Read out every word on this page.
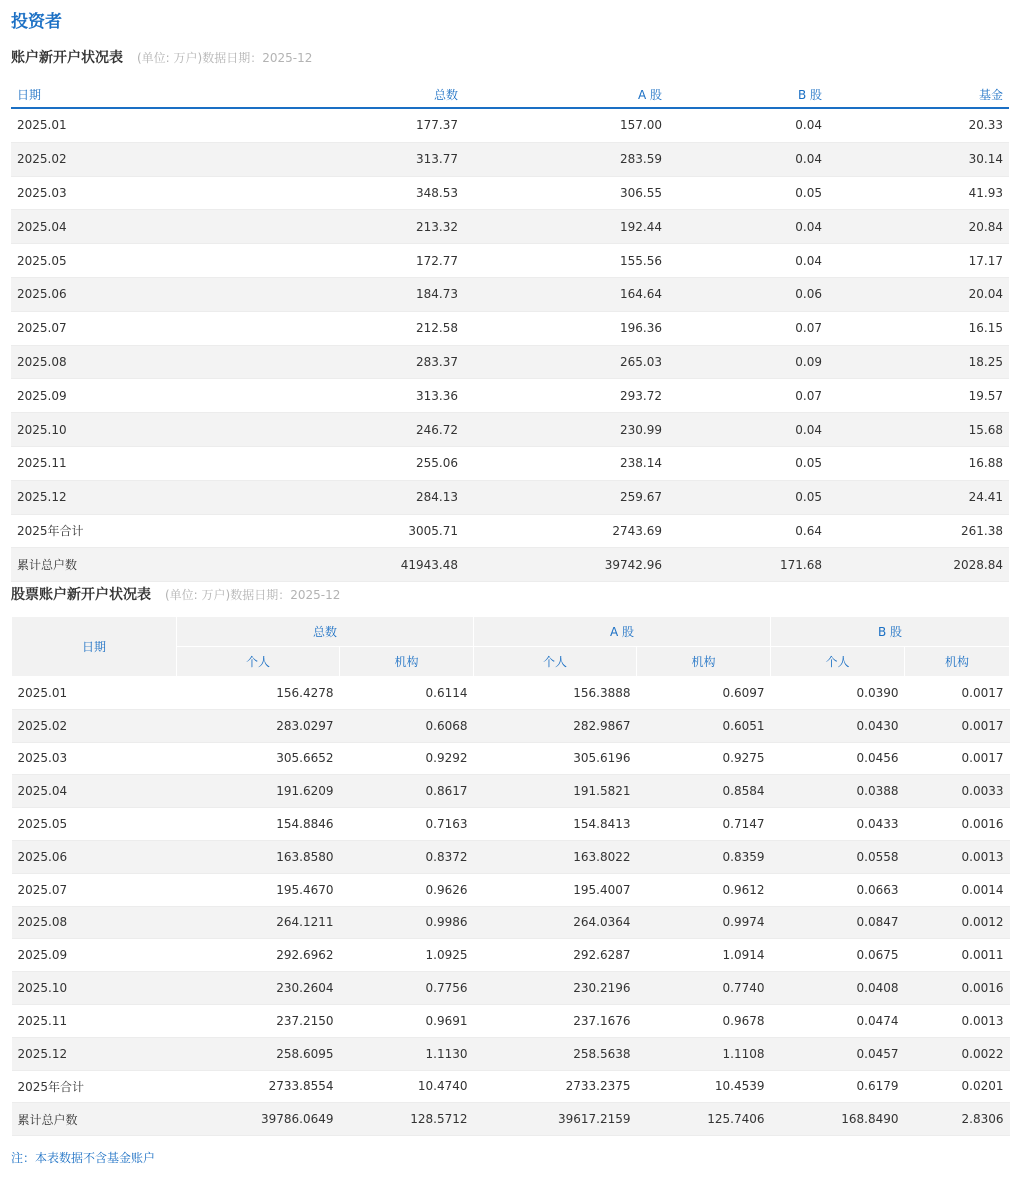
投资者
账户新开户状况表 (单位: 万户)数据日期：2025-12
日期	总数	A 股	B 股	基金
2025.01	177.37	157.00	0.04	20.33
2025.02	313.77	283.59	0.04	30.14
2025.03	348.53	306.55	0.05	41.93
2025.04	213.32	192.44	0.04	20.84
2025.05	172.77	155.56	0.04	17.17
2025.06	184.73	164.64	0.06	20.04
2025.07	212.58	196.36	0.07	16.15
2025.08	283.37	265.03	0.09	18.25
2025.09	313.36	293.72	0.07	19.57
2025.10	246.72	230.99	0.04	15.68
2025.11	255.06	238.14	0.05	16.88
2025.12	284.13	259.67	0.05	24.41
2025年合计	3005.71	2743.69	0.64	261.38
累计总户数	41943.48	39742.96	171.68	2028.84
股票账户新开户状况表 (单位: 万户)数据日期：2025-12
日期	总数		A 股		B 股	
	个人	机构	个人	机构	个人	机构
2025.01	156.4278	0.6114	156.3888	0.6097	0.0390	0.0017
2025.02	283.0297	0.6068	282.9867	0.6051	0.0430	0.0017
2025.03	305.6652	0.9292	305.6196	0.9275	0.0456	0.0017
2025.04	191.6209	0.8617	191.5821	0.8584	0.0388	0.0033
2025.05	154.8846	0.7163	154.8413	0.7147	0.0433	0.0016
2025.06	163.8580	0.8372	163.8022	0.8359	0.0558	0.0013
2025.07	195.4670	0.9626	195.4007	0.9612	0.0663	0.0014
2025.08	264.1211	0.9986	264.0364	0.9974	0.0847	0.0012
2025.09	292.6962	1.0925	292.6287	1.0914	0.0675	0.0011
2025.10	230.2604	0.7756	230.2196	0.7740	0.0408	0.0016
2025.11	237.2150	0.9691	237.1676	0.9678	0.0474	0.0013
2025.12	258.6095	1.1130	258.5638	1.1108	0.0457	0.0022
2025年合计	2733.8554	10.4740	2733.2375	10.4539	0.6179	0.0201
累计总户数	39786.0649	128.5712	39617.2159	125.7406	168.8490	2.8306
注：本表数据不含基金账户
